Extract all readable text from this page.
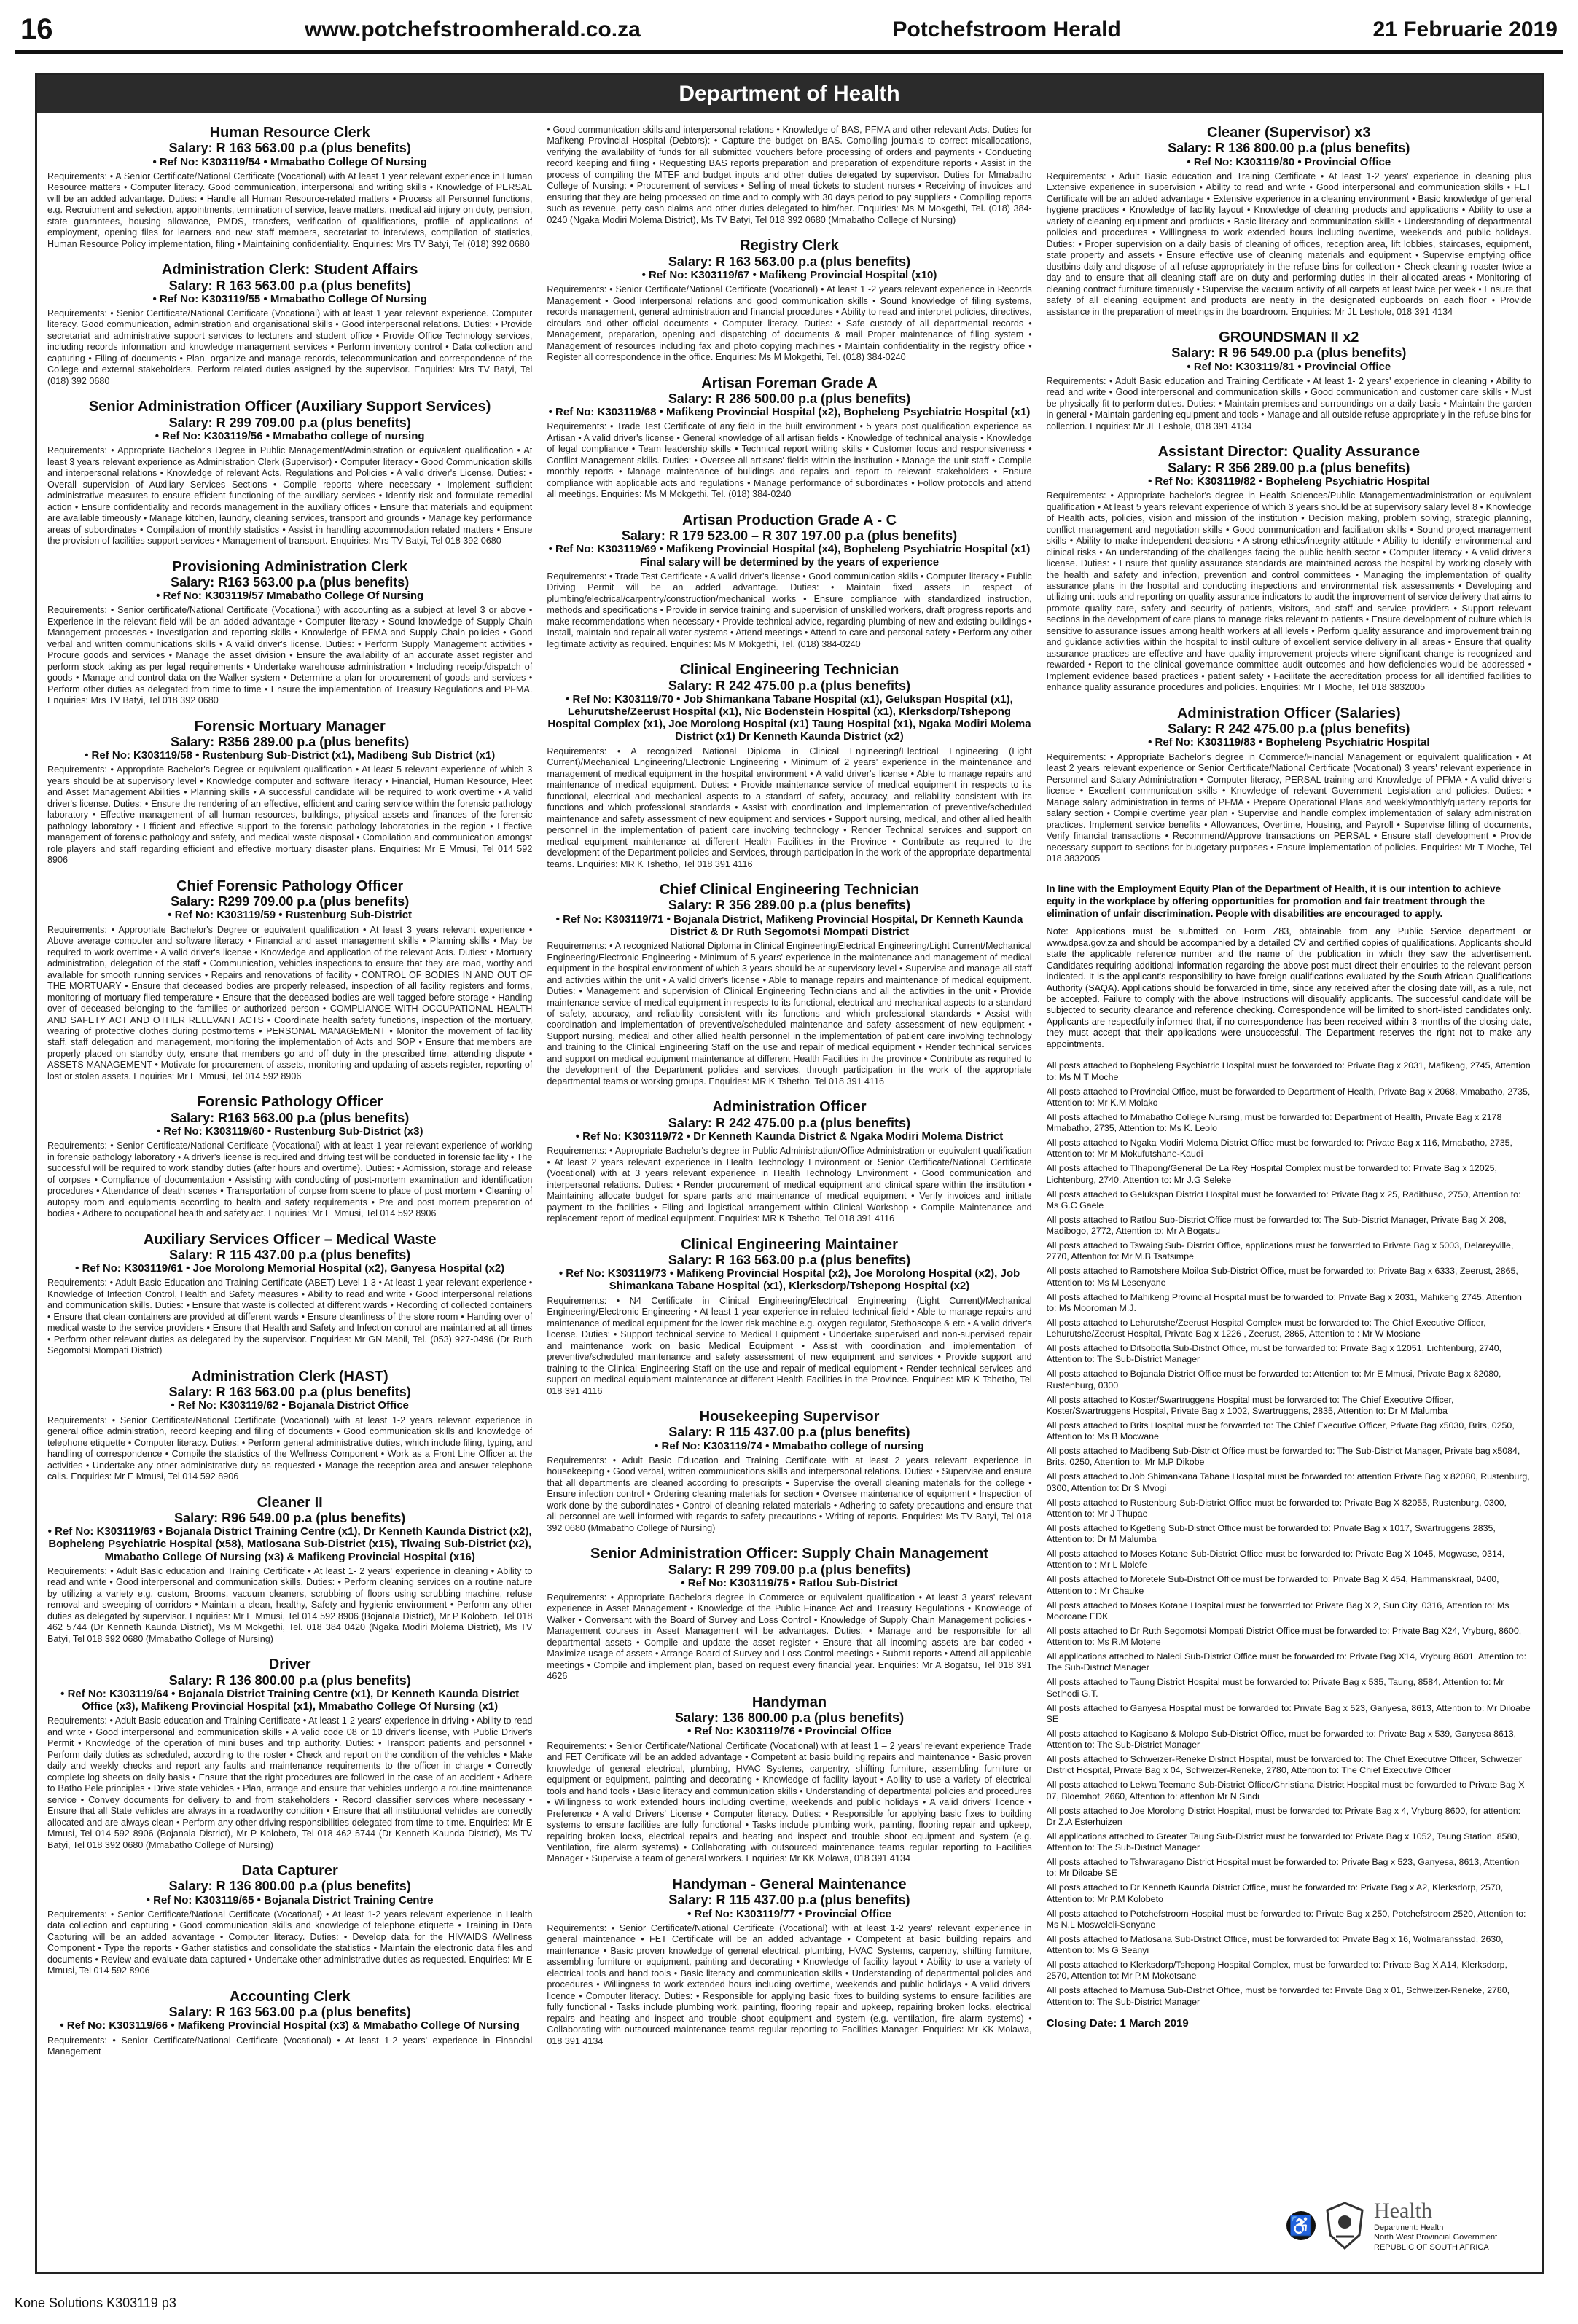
16	www.potchefstroomherald.co.za	Potchefstroom Herald	21 Februarie 2019
Department of Health
Human Resource Clerk
Salary: R 163 563.00 p.a (plus benefits)
• Ref No: K303119/54 • Mmabatho College Of Nursing
Requirements: • A Senior Certificate/National Certificate (Vocational) with At least 1 year relevant experience in Human Resource matters • Computer literacy. Good communication, interpersonal and writing skills • Knowledge of PERSAL will be an added advantage. Duties: • Handle all Human Resource-related matters • Process all Personnel functions, e.g. Recruitment and selection, appointments, termination of service, leave matters, medical aid injury on duty, pension, state guarantees, housing allowance, PMDS, transfers, verification of qualifications, profile of applications of employment, opening files for learners and new staff members, secretariat to interviews, compilation of statistics, Human Resource Policy implementation, filing • Maintaining confidentiality. Enquiries: Mrs TV Batyi, Tel (018) 392 0680
Administration Clerk: Student Affairs
Salary: R 163 563.00 p.a (plus benefits)
• Ref No: K303119/55 • Mmabatho College Of Nursing
Requirements: • Senior Certificate/National Certificate (Vocational) with at least 1 year relevant experience. Computer literacy. Good communication, administration and organisational skills • Good interpersonal relations. Duties: • Provide secretariat and administrative support services to lecturers and student office • Provide Office Technology services, including records information and knowledge management services • Perform inventory control • Data collection and capturing • Filing of documents • Plan, organize and manage records, telecommunication and correspondence of the College and external stakeholders. Perform related duties assigned by the supervisor. Enquiries: Mrs TV Batyi, Tel (018) 392 0680
Senior Administration Officer (Auxiliary Support Services)
Salary: R 299 709.00 p.a (plus benefits)
• Ref No: K303119/56 • Mmabatho college of nursing
Requirements: • Appropriate Bachelor's Degree in Public Management/Administration or equivalent qualification • At least 3 years relevant experience as Administration Clerk (Supervisor) • Computer literacy • Good Communication skills and interpersonal relations • Knowledge of relevant Acts, Regulations and Policies • A valid driver's License. Duties: • Overall supervision of Auxiliary Services Sections • Compile reports where necessary • Implement sufficient administrative measures to ensure efficient functioning of the auxiliary services • Identify risk and formulate remedial action • Ensure confidentiality and records management in the auxiliary offices • Ensure that materials and equipment are available timeously • Manage kitchen, laundry, cleaning services, transport and grounds • Manage key performance areas of subordinates • Compilation of monthly statistics • Assist in handling accommodation related matters • Ensure the provision of facilities support services • Management of transport. Enquiries: Mrs TV Batyi, Tel 018 392 0680
Provisioning Administration Clerk
Salary: R163 563.00 p.a (plus benefits)
• Ref No: K303119/57 Mmabatho College Of Nursing
Requirements: • Senior certificate/National Certificate (Vocational) with accounting as a subject at level 3 or above • Experience in the relevant field will be an added advantage • Computer literacy • Sound knowledge of Supply Chain Management processes • Investigation and reporting skills • Knowledge of PFMA and Supply Chain policies • Good verbal and written communications skills • A valid driver's license. Duties: • Perform Supply Management activities • Procure goods and services • Manage the asset division • Ensure the availability of an accurate asset register and perform stock taking as per legal requirements • Undertake warehouse administration • Including receipt/dispatch of goods • Manage and control data on the Walker system • Determine a plan for procurement of goods and services • Perform other duties as delegated from time to time • Ensure the implementation of Treasury Regulations and PFMA. Enquiries: Mrs TV Batyi, Tel 018 392 0680
Forensic Mortuary Manager
Salary: R356 289.00 p.a (plus benefits)
• Ref No: K303119/58 • Rustenburg Sub-District (x1), Madibeng Sub District (x1)
Requirements: • Appropriate Bachelor's Degree or equivalent qualification • At least 5 relevant experience of which 3 years should be at supervisory level • Knowledge computer and software literacy • Financial, Human Resource, Fleet and Asset Management Abilities • Planning skills • A successful candidate will be required to work overtime • A valid driver's license. Duties: • Ensure the rendering of an effective, efficient and caring service within the forensic pathology laboratory • Effective management of all human resources, buildings, physical assets and finances of the forensic pathology laboratory • Efficient and effective support to the forensic pathology laboratories in the region • Effective management of forensic pathology and safety, and medical waste disposal • Compilation and communication amongst role players and staff regarding efficient and effective mortuary disaster plans. Enquiries: Mr E Mmusi, Tel 014 592 8906
Chief Forensic Pathology Officer
Salary: R299 709.00 p.a (plus benefits)
• Ref No: K303119/59 • Rustenburg Sub-District
Requirements: • Appropriate Bachelor's Degree or equivalent qualification • At least 3 years relevant experience • Above average computer and software literacy • Financial and asset management skills • Planning skills • May be required to work overtime • A valid driver's license • Knowledge and application of the relevant Acts. Duties: • Mortuary administration, delegation of the staff • Communication, vehicles inspections to ensure that they are road, worthy and available for smooth running services • Repairs and renovations of facility • CONTROL OF BODIES IN AND OUT OF THE MORTUARY • Ensure that deceased bodies are properly released, inspection of all facility registers and forms, monitoring of mortuary filed temperature • Ensure that the deceased bodies are well tagged before storage • Handing over of deceased belonging to the families or authorized person • COMPLIANCE WITH OCCUPATIONAL HEALTH AND SAFETY ACT AND OTHER RELEVANT ACTS • Coordinate health safety functions, inspection of the mortuary, wearing of protective clothes during postmortems • PERSONAL MANAGEMENT • Monitor the movement of facility staff, staff delegation and management, monitoring the implementation of Acts and SOP • Ensure that members are properly placed on standby duty, ensure that members go and off duty in the prescribed time, attending dispute • ASSETS MANAGEMENT • Motivate for procurement of assets, monitoring and updating of assets register, reporting of lost or stolen assets. Enquiries: Mr E Mmusi, Tel 014 592 8906
Forensic Pathology Officer
Salary: R163 563.00 p.a (plus benefits)
• Ref No: K303119/60 • Rustenburg Sub-District (x3)
Requirements: • Senior Certificate/National Certificate (Vocational) with at least 1 year relevant experience of working in forensic pathology laboratory • A driver's license is required and driving test will be conducted in forensic facility • The successful will be required to work standby duties (after hours and overtime). Duties: • Admission, storage and release of corpses • Compliance of documentation • Assisting with conducting of post-mortem examination and identification procedures • Attendance of death scenes • Transportation of corpse from scene to place of post mortem • Cleaning of autopsy room and equipments according to health and safety requirements • Pre and post mortem preparation of bodies • Adhere to occupational health and safety act. Enquiries: Mr E Mmusi, Tel 014 592 8906
Auxiliary Services Officer – Medical Waste
Salary: R 115 437.00 p.a (plus benefits)
• Ref No: K303119/61 • Joe Morolong Memorial Hospital (x2), Ganyesa Hospital (x2)
Requirements: • Adult Basic Education and Training Certificate (ABET) Level 1-3 • At least 1 year relevant experience • Knowledge of Infection Control, Health and Safety measures • Ability to read and write • Good interpersonal relations and communication skills. Duties: • Ensure that waste is collected at different wards • Recording of collected containers • Ensure that clean containers are provided at different wards • Ensure cleanliness of the store room • Handing over of medical waste to the service providers • Ensure that Health and Safety and Infection control are maintained at all times • Perform other relevant duties as delegated by the supervisor. Enquiries: Mr GN Mabil, Tel. (053) 927-0496 (Dr Ruth Segomotsi Mompati District)
Administration Clerk (HAST)
Salary: R 163 563.00 p.a (plus benefits)
• Ref No: K303119/62 • Bojanala District Office
Requirements: • Senior Certificate/National Certificate (Vocational) with at least 1-2 years relevant experience in general office administration, record keeping and filing of documents • Good communication skills and knowledge of telephone etiquette • Computer literacy. Duties: • Perform general administrative duties, which include filing, typing, and handling of correspondence • Compile the statistics of the Wellness Component • Work as a Front Line Officer at the activities • Undertake any other administrative duty as requested • Manage the reception area and answer telephone calls. Enquiries: Mr E Mmusi, Tel 014 592 8906
Cleaner II
Salary: R96 549.00 p.a (plus benefits)
• Ref No: K303119/63 • Bojanala District Training Centre (x1), Dr Kenneth Kaunda District (x2), Bopheleng Psychiatric Hospital (x58), Matlosana Sub-District (x15), Tlwaing Sub-District (x2), Mmabatho College Of Nursing (x3) & Mafikeng Provincial Hospital (x16)
Requirements: • Adult Basic education and Training Certificate • At least 1- 2 years' experience in cleaning • Ability to read and write • Good interpersonal and communication skills. Duties: • Perform cleaning services on a routine nature by utilizing a variety e.g. custom, Brooms, vacuum cleaners, scrubbing of floors using scrubbing machine, refuse removal and sweeping of corridors • Maintain a clean, healthy, Safety and hygienic environment • Perform any other duties as delegated by supervisor. Enquiries: Mr E Mmusi, Tel 014 592 8906 (Bojanala District), Mr P Kolobeto, Tel 018 462 5744 (Dr Kenneth Kaunda District), Ms M Mokgethi, Tel. 018 384 0420 (Ngaka Modiri Molema District), Ms TV Batyi, Tel 018 392 0680 (Mmabatho College of Nursing)
Driver
Salary: R 136 800.00 p.a (plus benefits)
• Ref No: K303119/64 • Bojanala District Training Centre (x1), Dr Kenneth Kaunda District Office (x3), Mafikeng Provincial Hospital (x1), Mmabatho College Of Nursing (x1)
Requirements: • Adult Basic education and Training Certificate • At least 1-2 years' experience in driving • Ability to read and write • Good interpersonal and communication skills • A valid code 08 or 10 driver's license, with Public Driver's Permit • Knowledge of the operation of mini buses and trip authority. Duties: • Transport patients and personnel • Perform daily duties as scheduled, according to the roster • Check and report on the condition of the vehicles • Make daily and weekly checks and report any faults and maintenance requirements to the officer in charge • Correctly complete log sheets on daily basis • Ensure that the right procedures are followed in the case of an accident • Adhere to Batho Pele principles • Drive state vehicles • Plan, arrange and ensure that vehicles undergo a routine maintenance service • Convey documents for delivery to and from stakeholders • Record classifier services where necessary • Ensure that all State vehicles are always in a roadworthy condition • Ensure that all institutional vehicles are correctly allocated and are always clean • Perform any other driving responsibilities delegated from time to time. Enquiries: Mr E Mmusi, Tel 014 592 8906 (Bojanala District), Mr P Kolobeto, Tel 018 462 5744 (Dr Kenneth Kaunda District), Ms TV Batyi, Tel 018 392 0680 (Mmabatho College of Nursing)
Data Capturer
Salary: R 136 800.00 p.a (plus benefits)
• Ref No: K303119/65 • Bojanala District Training Centre
Requirements: • Senior Certificate/National Certificate (Vocational) • At least 1-2 years relevant experience in Health data collection and capturing • Good communication skills and knowledge of telephone etiquette • Training in Data Capturing will be an added advantage • Computer literacy. Duties: • Develop data for the HIV/AIDS /Wellness Component • Type the reports • Gather statistics and consolidate the statistics • Maintain the electronic data files and documents • Review and evaluate data captured • Undertake other administrative duties as requested. Enquiries: Mr E Mmusi, Tel 014 592 8906
Accounting Clerk
Salary: R 163 563.00 p.a (plus benefits)
• Ref No: K303119/66 • Mafikeng Provincial Hospital (x3) & Mmabatho College Of Nursing
Requirements: • Senior Certificate/National Certificate (Vocational) • At least 1-2 years' experience in Financial Management
• Good communication skills and interpersonal relations • Knowledge of BAS, PFMA and other relevant Acts. Duties for Mafikeng Provincial Hospital (Debtors): • Capture the budget on BAS. Compiling journals to correct misallocations, verifying the availability of funds for all submitted vouchers before processing of orders and payments • Conducting record keeping and filing • Requesting BAS reports preparation and preparation of expenditure reports • Assist in the process of compiling the MTEF and budget inputs and other duties delegated by supervisor. Duties for Mmabatho College of Nursing: • Procurement of services • Selling of meal tickets to student nurses • Receiving of invoices and ensuring that they are being processed on time and to comply with 30 days period to pay suppliers • Compiling reports such as revenue, petty cash claims and other duties delegated to him/her. Enquiries: Ms M Mokgethi, Tel. (018) 384-0240 (Ngaka Modiri Molema District), Ms TV Batyi, Tel 018 392 0680 (Mmabatho College of Nursing)
Registry Clerk
Salary: R 163 563.00 p.a (plus benefits)
• Ref No: K303119/67 • Mafikeng Provincial Hospital (x10)
Requirements: • Senior Certificate/National Certificate (Vocational) • At least 1 -2 years relevant experience in Records Management • Good interpersonal relations and good communication skills • Sound knowledge of filing systems, records management, general administration and financial procedures • Ability to read and interpret policies, directives, circulars and other official documents • Computer literacy. Duties: • Safe custody of all departmental records • Management, preparation, opening and dispatching of documents & mail Proper maintenance of filing system • Management of resources including fax and photo copying machines • Maintain confidentiality in the registry office • Register all correspondence in the office. Enquiries: Ms M Mokgethi, Tel. (018) 384-0240
Artisan Foreman Grade A
Salary: R 286 500.00 p.a (plus benefits)
• Ref No: K303119/68 • Mafikeng Provincial Hospital (x2), Bopheleng Psychiatric Hospital (x1)
Requirements: • Trade Test Certificate of any field in the built environment • 5 years post qualification experience as Artisan • A valid driver's license • General knowledge of all artisan fields • Knowledge of technical analysis • Knowledge of legal compliance • Team leadership skills • Technical report writing skills • Customer focus and responsiveness • Conflict Management skills. Duties: • Oversee all artisans' fields within the institution • Manage the unit staff • Compile monthly reports • Manage maintenance of buildings and repairs and report to relevant stakeholders • Ensure compliance with applicable acts and regulations • Manage performance of subordinates • Follow protocols and attend all meetings. Enquiries: Ms M Mokgethi, Tel. (018) 384-0240
Artisan Production Grade A - C
Salary: R 179 523.00 – R 307 197.00 p.a (plus benefits)
• Ref No: K303119/69 • Mafikeng Provincial Hospital (x4), Bopheleng Psychiatric Hospital (x1) Final salary will be determined by the years of experience
Requirements: • Trade Test Certificate • A valid driver's license • Good communication skills • Computer literacy • Public Driving Permit will be an added advantage. Duties: • Maintain fixed assets in respect of plumbing/electrical/carpentry/construction/mechanical works • Ensure compliance with standardized instruction, methods and specifications • Provide in service training and supervision of unskilled workers, draft progress reports and make recommendations when necessary • Provide technical advice, regarding plumbing of new and existing buildings • Install, maintain and repair all water systems • Attend meetings • Attend to care and personal safety • Perform any other legitimate activity as required. Enquiries: Ms M Mokgethi, Tel. (018) 384-0240
Clinical Engineering Technician
Salary: R 242 475.00 p.a (plus benefits)
• Ref No: K303119/70 • Job Shimankana Tabane Hospital (x1), Gelukspan Hospital (x1), Lehurutshe/Zeerust Hospital (x1), Nic Bodenstein Hospital (x1), Klerksdorp/Tshepong Hospital Complex (x1), Joe Morolong Hospital (x1) Taung Hospital (x1), Ngaka Modiri Molema District (x1) Dr Kenneth Kaunda District (x2)
Requirements: • A recognized National Diploma in Clinical Engineering/Electrical Engineering (Light Current)/Mechanical Engineering/Electronic Engineering • Minimum of 2 years' experience in the maintenance and management of medical equipment in the hospital environment • A valid driver's license • Able to manage repairs and maintenance of medical equipment. Duties: • Provide maintenance service of medical equipment in respects to its functional, electrical and mechanical aspects to a standard of safety, accuracy, and reliability consistent with its functions and which professional standards • Assist with coordination and implementation of preventive/scheduled maintenance and safety assessment of new equipment and services • Support nursing, medical, and other allied health personnel in the implementation of patient care involving technology • Render Technical services and support on medical equipment maintenance at different Health Facilities in the Province • Contribute as required to the development of the Department policies and Services, through participation in the work of the appropriate departmental teams. Enquiries: MR K Tshetho, Tel 018 391 4116
Chief Clinical Engineering Technician
Salary: R 356 289.00 p.a (plus benefits)
• Ref No: K303119/71 • Bojanala District, Mafikeng Provincial Hospital, Dr Kenneth Kaunda District & Dr Ruth Segomotsi Mompati District
Requirements: • A recognized National Diploma in Clinical Engineering/Electrical Engineering/Light Current/Mechanical Engineering/Electronic Engineering • Minimum of 5 years' experience in the maintenance and management of medical equipment in the hospital environment of which 3 years should be at supervisory level • Supervise and manage all staff and activities within the unit • A valid driver's license • Able to manage repairs and maintenance of medical equipment. Duties: • Management and supervision of Clinical Engineering Technicians and all the activities in the unit • Provide maintenance service of medical equipment in respects to its functional, electrical and mechanical aspects to a standard of safety, accuracy, and reliability consistent with its functions and which professional standards • Assist with coordination and implementation of preventive/scheduled maintenance and safety assessment of new equipment • Support nursing, medical and other allied health personnel in the implementation of patient care involving technology and training to the Clinical Engineering Staff on the use and repair of medical equipment • Render technical services and support on medical equipment maintenance at different Health Facilities in the province • Contribute as required to the development of the Department policies and services, through participation in the work of the appropriate departmental teams or working groups. Enquiries: MR K Tshetho, Tel 018 391 4116
Administration Officer
Salary: R 242 475.00 p.a (plus benefits)
• Ref No: K303119/72 • Dr Kenneth Kaunda District & Ngaka Modiri Molema District
Requirements: • Appropriate Bachelor's degree in Public Administration/Office Administration or equivalent qualification • At least 2 years relevant experience in Health Technology Environment or Senior Certificate/National Certificate (Vocational) with at 3 years relevant experience in Health Technology Environment • Good communication and interpersonal relations. Duties: • Render procurement of medical equipment and clinical spare within the institution • Maintaining allocate budget for spare parts and maintenance of medical equipment • Verify invoices and initiate payment to the facilities • Filing and logistical arrangement within Clinical Workshop • Compile Maintenance and replacement report of medical equipment. Enquiries: MR K Tshetho, Tel 018 391 4116
Clinical Engineering Maintainer
Salary: R 163 563.00 p.a (plus benefits)
• Ref No: K303119/73 • Mafikeng Provincial Hospital (x2), Joe Morolong Hospital (x2), Job Shimankana Tabane Hospital (x1), Klerksdorp/Tshepong Hospital (x2)
Requirements: • N4 Certificate in Clinical Engineering/Electrical Engineering (Light Current)/Mechanical Engineering/Electronic Engineering • At least 1 year experience in related technical field • Able to manage repairs and maintenance of medical equipment for the lower risk machine e.g. oxygen regulator, Stethoscope & etc • A valid driver's license. Duties: • Support technical service to Medical Equipment • Undertake supervised and non-supervised repair and maintenance work on basic Medical Equipment • Assist with coordination and implementation of preventive/scheduled maintenance and safety assessment of new equipment and services • Provide support and training to the Clinical Engineering Staff on the use and repair of medical equipment • Render technical services and support on medical equipment maintenance at different Health Facilities in the Province. Enquiries: MR K Tshetho, Tel 018 391 4116
Housekeeping Supervisor
Salary: R 115 437.00 p.a (plus benefits)
• Ref No: K303119/74 • Mmabatho college of nursing
Requirements: • Adult Basic Education and Training Certificate with at least 2 years relevant experience in housekeeping • Good verbal, written communications skills and interpersonal relations. Duties: • Supervise and ensure that all departments are cleaned according to prescripts • Supervise the overall cleaning materials for the college • Ensure infection control • Ordering cleaning materials for section • Oversee maintenance of equipment • Inspection of work done by the subordinates • Control of cleaning related materials • Adhering to safety precautions and ensure that all personnel are well informed with regards to safety precautions • Writing of reports. Enquiries: Ms TV Batyi, Tel 018 392 0680 (Mmabatho College of Nursing)
Senior Administration Officer: Supply Chain Management
Salary: R 299 709.00 p.a (plus benefits)
• Ref No: K303119/75 • Ratlou Sub-District
Requirements: • Appropriate Bachelor's degree in Commerce or equivalent qualification • At least 3 years' relevant experience in Asset Management • Knowledge of the Public Finance Act and Treasury Regulations • Knowledge of Walker • Conversant with the Board of Survey and Loss Control • Knowledge of Supply Chain Management policies • Management courses in Asset Management will be advantages. Duties: • Manage and be responsible for all departmental assets • Compile and update the asset register • Ensure that all incoming assets are bar coded • Maximize usage of assets • Arrange Board of Survey and Loss Control meetings • Submit reports • Attend all applicable meetings • Compile and implement plan, based on request every financial year. Enquiries: Mr A Bogatsu, Tel 018 391 4626
Handyman
Salary: 136 800.00 p.a (plus benefits)
• Ref No: K303119/76 • Provincial Office
Requirements: • Senior Certificate/National Certificate (Vocational) with at least 1 – 2 years' relevant experience Trade and FET Certificate will be an added advantage • Competent at basic building repairs and maintenance • Basic proven knowledge of general electrical, plumbing, HVAC Systems, carpentry, shifting furniture, assembling furniture or equipment or equipment, painting and decorating • Knowledge of facility layout • Ability to use a variety of electrical tools and hand tools • Basic literacy and communication skills • Understanding of departmental policies and procedures • Willingness to work extended hours including overtime, weekends and public holidays • A valid drivers' licence • Preference • A valid Drivers' License • Computer literacy. Duties: • Responsible for applying basic fixes to building systems to ensure facilities are fully functional • Tasks include plumbing work, painting, flooring repair and upkeep, repairing broken locks, electrical repairs and heating and inspect and trouble shoot equipment and system (e.g. Ventilation, fire alarm systems) • Collaborating with outsourced maintenance teams regular reporting to Facilities Manager • Supervise a team of general workers. Enquiries: Mr KK Molawa, 018 391 4134
Handyman - General Maintenance
Salary: R 115 437.00 p.a (plus benefits)
• Ref No: K303119/77 • Provincial Office
Requirements: • Senior Certificate/National Certificate (Vocational) with at least 1-2 years' relevant experience in general maintenance • FET Certificate will be an added advantage • Competent at basic building repairs and maintenance • Basic proven knowledge of general electrical, plumbing, HVAC Systems, carpentry, shifting furniture, assembling furniture or equipment, painting and decorating • Knowledge of facility layout • Ability to use a variety of electrical tools and hand tools • Basic literacy and communication skills • Understanding of departmental policies and procedures • Willingness to work extended hours including overtime, weekends and public holidays • A valid drivers' licence • Computer literacy. Duties: • Responsible for applying basic fixes to building systems to ensure facilities are fully functional • Tasks include plumbing work, painting, flooring repair and upkeep, repairing broken locks, electrical repairs and heating and inspect and trouble shoot equipment and system (e.g. ventilation, fire alarm systems) • Collaborating with outsourced maintenance teams regular reporting to Facilities Manager. Enquiries: Mr KK Molawa, 018 391 4134
Cleaner (Supervisor) x3
Salary: R 136 800.00 p.a (plus benefits)
• Ref No: K303119/80 • Provincial Office
Requirements: • Adult Basic education and Training Certificate • At least 1-2 years' experience in cleaning plus Extensive experience in supervision • Ability to read and write • Good interpersonal and communication skills • FET Certificate will be an added advantage • Extensive experience in a cleaning environment • Basic knowledge of general hygiene practices • Knowledge of facility layout • Knowledge of cleaning products and applications • Ability to use a variety of cleaning equipment and products • Basic literacy and communication skills • Understanding of departmental policies and procedures • Willingness to work extended hours including overtime, weekends and public holidays. Duties: • Proper supervision on a daily basis of cleaning of offices, reception area, lift lobbies, staircases, equipment, state property and assets • Ensure effective use of cleaning materials and equipment • Supervise emptying office dustbins daily and dispose of all refuse appropriately in the refuse bins for collection • Check cleaning roaster twice a day and to ensure that all cleaning staff are on duty and performing duties in their allocated areas • Monitoring of cleaning contract furniture timeously • Supervise the vacuum activity of all carpets at least twice per week • Ensure that safety of all cleaning equipment and products are neatly in the designated cupboards on each floor • Provide assistance in the preparation of meetings in the boardroom. Enquiries: Mr JL Leshole, 018 391 4134
GROUNDSMAN II x2
Salary: R 96 549.00 p.a (plus benefits)
• Ref No: K303119/81 • Provincial Office
Requirements: • Adult Basic education and Training Certificate • At least 1- 2 years' experience in cleaning • Ability to read and write • Good interpersonal and communication skills • Good communication and customer care skills • Must be physically fit to perform duties. Duties: • Maintain premises and surroundings on a daily basis • Maintain the garden in general • Maintain gardening equipment and tools • Manage and all outside refuse appropriately in the refuse bins for collection. Enquiries: Mr JL Leshole, 018 391 4134
Assistant Director: Quality Assurance
Salary: R 356 289.00 p.a (plus benefits)
• Ref No: K303119/82 • Bopheleng Psychiatric Hospital
Requirements: • Appropriate bachelor's degree in Health Sciences/Public Management/administration or equivalent qualification • At least 5 years relevant experience of which 3 years should be at supervisory salary level 8 • Knowledge of Health acts, policies, vision and mission of the institution • Decision making, problem solving, strategic planning, conflict management and negotiation skills • Good communication and facilitation skills • Sound project management skills • Ability to make independent decisions • A strong ethics/integrity attitude • Ability to identify environmental and clinical risks • An understanding of the challenges facing the public health sector • Computer literacy • A valid driver's license. Duties: • Ensure that quality assurance standards are maintained across the hospital by working closely with the health and safety and infection, prevention and control committees • Managing the implementation of quality assurance plans in the hospital and conducting inspections and environmental risk assessments • Developing and utilizing unit tools and reporting on quality assurance indicators to audit the improvement of service delivery that aims to promote quality care, safety and security of patients, visitors, and staff and service providers • Support relevant sections in the development of care plans to manage risks relevant to patients • Ensure development of culture which is sensitive to assurance issues among health workers at all levels • Perform quality assurance and improvement training and guidance activities within the hospital to instil culture of excellent service delivery in all areas • Ensure that quality assurance practices are effective and have quality improvement projects where significant change is recognized and rewarded • Report to the clinical governance committee audit outcomes and how deficiencies would be addressed • Implement evidence based practices • patient safety • Facilitate the accreditation process for all identified facilities to enhance quality assurance procedures and policies. Enquiries: Mr T Moche, Tel 018 3832005
Administration Officer (Salaries)
Salary: R 242 475.00 p.a (plus benefits)
• Ref No: K303119/83 • Bopheleng Psychiatric Hospital
Requirements: • Appropriate Bachelor's degree in Commerce/Financial Management or equivalent qualification • At least 2 years relevant experience or Senior Certificate/National Certificate (Vocational) 3 years' relevant experience in Personnel and Salary Administration • Computer literacy, PERSAL training and Knowledge of PFMA • A valid driver's license • Excellent communication skills • Knowledge of relevant Government Legislation and policies. Duties: • Manage salary administration in terms of PFMA • Prepare Operational Plans and weekly/monthly/quarterly reports for salary section • Compile overtime year plan • Supervise and handle complex implementation of salary administration practices. Implement service benefits • Allowances, Overtime, Housing, and Payroll • Supervise filling of documents, Verify financial transactions • Recommend/Approve transactions on PERSAL • Ensure staff development • Provide necessary support to sections for budgetary purposes • Ensure implementation of policies. Enquiries: Mr T Moche, Tel 018 3832005
In line with the Employment Equity Plan of the Department of Health, it is our intention to achieve equity in the workplace by offering opportunities for promotion and fair treatment through the elimination of unfair discrimination. People with disabilities are encouraged to apply.
Note: Applications must be submitted on Form Z83, obtainable from any Public Service department or www.dpsa.gov.za and should be accompanied by a detailed CV and certified copies of qualifications. Applicants should state the applicable reference number and the name of the publication in which they saw the advertisement. Candidates requiring additional information regarding the above post must direct their enquiries to the relevant person indicated. It is the applicant's responsibility to have foreign qualifications evaluated by the South African Qualifications Authority (SAQA). Applications should be forwarded in time, since any received after the closing date will, as a rule, not be accepted. Failure to comply with the above instructions will disqualify applicants. The successful candidate will be subjected to security clearance and reference checking. Correspondence will be limited to short-listed candidates only. Applicants are respectfully informed that, if no correspondence has been received within 3 months of the closing date, they must accept that their applications were unsuccessful. The Department reserves the right not to make any appointments.
All posts attached to Bopheleng Psychiatric Hospital must be forwarded to: Private Bag x 2031, Mafikeng, 2745, Attention to: Ms M T Moche
All posts attached to Provincial Office, must be forwarded to Department of Health, Private Bag x 2068, Mmabatho, 2735, Attention to: Mr K.M Molako
All posts attached to Mmabatho College Nursing, must be forwarded to: Department of Health, Private Bag x 2178 Mmabatho, 2735, Attention to: Ms K. Leolo
All posts attached to Ngaka Modiri Molema District Office must be forwarded to: Private Bag x 116, Mmabatho, 2735, Attention to: Mr M Mokufutshane-Kaudi
All posts attached to Tlhapong/General De La Rey Hospital Complex must be forwarded to: Private Bag x 12025, Lichtenburg, 2740, Attention to: Mr J.G Seleke
All posts attached to Gelukspan District Hospital must be forwarded to: Private Bag x 25, Radithuso, 2750, Attention to: Ms G.C Gaele
All posts attached to Ratlou Sub-District Office must be forwarded to: The Sub-District Manager, Private Bag X 208, Madibogo, 2772, Attention to: Mr A Bogatsu
All posts attached to Tswaing Sub- District Office, applications must be forwarded to Private Bag x 5003, Delareyville, 2770, Attention to: Mr M.B Tsatsimpe
All posts attached to Ramotshere Moiloa Sub-District Office, must be forwarded to: Private Bag x 6333, Zeerust, 2865, Attention to: Ms M Lesenyane
All posts attached to Mahikeng Provincial Hospital must be forwarded to: Private Bag x 2031, Mahikeng 2745, Attention to: Ms Mooroman M.J.
All posts attached to Lehurutshe/Zeerust Hospital Complex must be forwarded to: The Chief Executive Officer, Lehurutshe/Zeerust Hospital, Private Bag x 1226 , Zeerust, 2865, Attention to : Mr W Mosiane
All posts attached to Ditsobotla Sub-District Office, must be forwarded to: Private Bag x 12051, Lichtenburg, 2740, Attention to: The Sub-District Manager
All posts attached to Bojanala District Office must be forwarded to: Attention to: Mr E Mmusi, Private Bag x 82080, Rustenburg, 0300
All posts attached to Koster/Swartruggens Hospital must be forwarded to: The Chief Executive Officer, Koster/Swartruggens Hospital, Private Bag x 1002, Swartruggens, 2835, Attention to: Dr M Malumba
All posts attached to Brits Hospital must be forwarded to: The Chief Executive Officer, Private Bag x5030, Brits, 0250, Attention to: Ms B Mocwane
All posts attached to Madibeng Sub-District Office must be forwarded to: The Sub-District Manager, Private bag x5084, Brits, 0250, Attention to: Mr M.P Dikobe
All posts attached to Job Shimankana Tabane Hospital must be forwarded to: attention Private Bag x 82080, Rustenburg, 0300, Attention to: Dr S Mvogi
All posts attached to Rustenburg Sub-District Office must be forwarded to: Private Bag X 82055, Rustenburg, 0300, Attention to: Mr J Thupae
All posts attached to Kgetleng Sub-District Office must be forwarded to: Private Bag x 1017, Swartruggens 2835, Attention to: Dr M Malumba
All posts attached to Moses Kotane Sub-District Office must be forwarded to: Private Bag X 1045, Mogwase, 0314, Attention to : Mr L Molefe
All posts attached to Moretele Sub-District Office must be forwarded to: Private Bag X 454, Hammanskraal, 0400, Attention to : Mr Chauke
All posts attached to Moses Kotane Hospital must be forwarded to: Private Bag X 2, Sun City, 0316, Attention to: Ms Mooroane EDK
All posts attached to Dr Ruth Segomotsi Mompati District Office must be forwarded to: Private Bag X24, Vryburg, 8600, Attention to: Ms R.M Motene
All applications attached to Naledi Sub-District Office must be forwarded to: Private Bag X14, Vryburg 8601, Attention to: The Sub-District Manager
All posts attached to Taung District Hospital must be forwarded to: Private Bag x 535, Taung, 8584, Attention to: Mr Setlhodi G.T.
All posts attached to Ganyesa Hospital must be forwarded to: Private Bag x 523, Ganyesa, 8613, Attention to: Mr Diloabe SE
All posts attached to Kagisano & Molopo Sub-District Office, must be forwarded to: Private Bag x 539, Ganyesa 8613, Attention to: The Sub-District Manager
All posts attached to Schweizer-Reneke District Hospital, must be forwarded to: The Chief Executive Officer, Schweizer District Hospital, Private Bag x 04, Schweizer-Reneke, 2780, Attention to: The Chief Executive Officer
All posts attached to Lekwa Teemane Sub-District Office/Christiana District Hospital must be forwarded to Private Bag X 07, Bloemhof, 2660, Attention to: attention Mr N Sindi
All posts attached to Joe Morolong District Hospital, must be forwarded to: Private Bag x 4, Vryburg 8600, for attention: Dr Z.A Esterhuizen
All applications attached to Greater Taung Sub-District must be forwarded to: Private Bag x 1052, Taung Station, 8580, Attention to: The Sub-District Manager
All posts attached to Tshwaragano District Hospital must be forwarded to: Private Bag x 523, Ganyesa, 8613, Attention to: Mr Diloabe SE
All posts attached to Dr Kenneth Kaunda District Office, must be forwarded to: Private Bag x A2, Klerksdorp, 2570, Attention to: Mr P.M Kolobeto
All posts attached to Potchefstroom Hospital must be forwarded to: Private Bag x 250, Potchefstroom 2520, Attention to: Ms N.L Mosweleli-Senyane
All posts attached to Matlosana Sub-District Office, must be forwarded to: Private Bag x 16, Wolmaransstad, 2630, Attention to: Ms G Seanyi
All posts attached to Klerksdorp/Tshepong Hospital Complex, must be forwarded to: Private Bag X A14, Klerksdorp, 2570, Attention to: Mr P.M Mokotsane
All posts attached to Mamusa Sub-District Office, must be forwarded to: Private Bag x 01, Schweizer-Reneke, 2780, Attention to: The Sub-District Manager
Closing Date: 1 March 2019
♿
Health
Department: Health
North West Provincial Government
REPUBLIC OF SOUTH AFRICA
Kone Solutions K303119 p3
